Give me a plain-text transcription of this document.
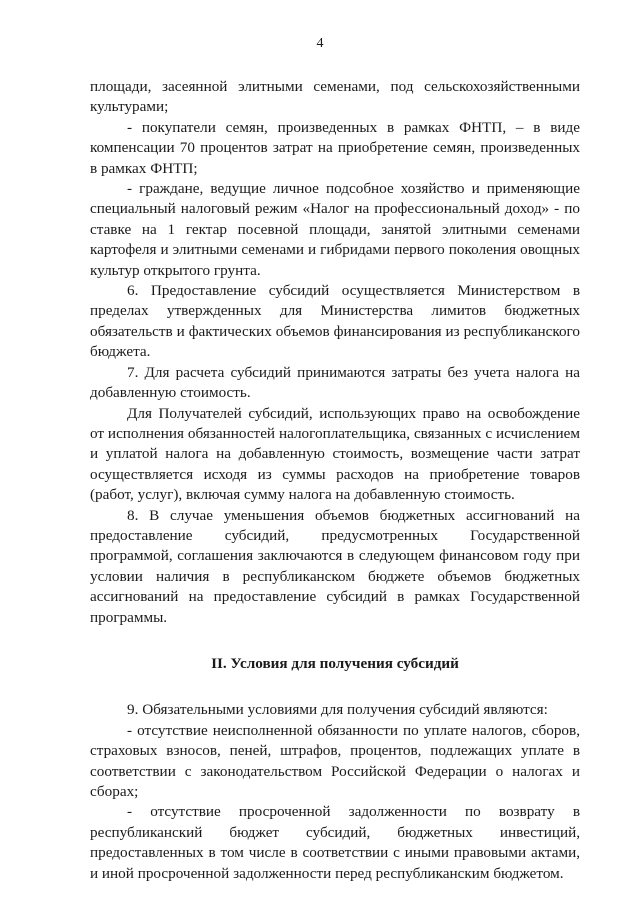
4

площади, засеянной элитными семенами, под сельскохозяйственными культурами;

- покупатели семян, произведенных в рамках ФНТП, – в виде компенсации 70 процентов затрат на приобретение семян, произведенных в рамках ФНТП;

- граждане, ведущие личное подсобное хозяйство и применяющие специальный налоговый режим «Налог на профессиональный доход» - по ставке на 1 гектар посевной площади, занятой элитными семенами картофеля и элитными семенами и гибридами первого поколения овощных культур открытого грунта.

6. Предоставление субсидий осуществляется Министерством в пределах утвержденных для Министерства лимитов бюджетных обязательств и фактических объемов финансирования из республиканского бюджета.

7. Для расчета субсидий принимаются затраты без учета налога на добавленную стоимость.

Для Получателей субсидий, использующих право на освобождение от исполнения обязанностей налогоплательщика, связанных с исчислением и уплатой налога на добавленную стоимость, возмещение части затрат осуществляется исходя из суммы расходов на приобретение товаров (работ, услуг), включая сумму налога на добавленную стоимость.

8. В случае уменьшения объемов бюджетных ассигнований на предоставление субсидий, предусмотренных Государственной программой, соглашения заключаются в следующем финансовом году при условии наличия в республиканском бюджете объемов бюджетных ассигнований на предоставление субсидий в рамках Государственной программы.

II. Условия для получения субсидий

9. Обязательными условиями для получения субсидий являются:

- отсутствие неисполненной обязанности по уплате налогов, сборов, страховых взносов, пеней, штрафов, процентов, подлежащих уплате в соответствии с законодательством Российской Федерации о налогах и сборах;

- отсутствие просроченной задолженности по возврату в республиканский бюджет субсидий, бюджетных инвестиций, предоставленных в том числе в соответствии с иными правовыми актами, и иной просроченной задолженности перед республиканским бюджетом.
